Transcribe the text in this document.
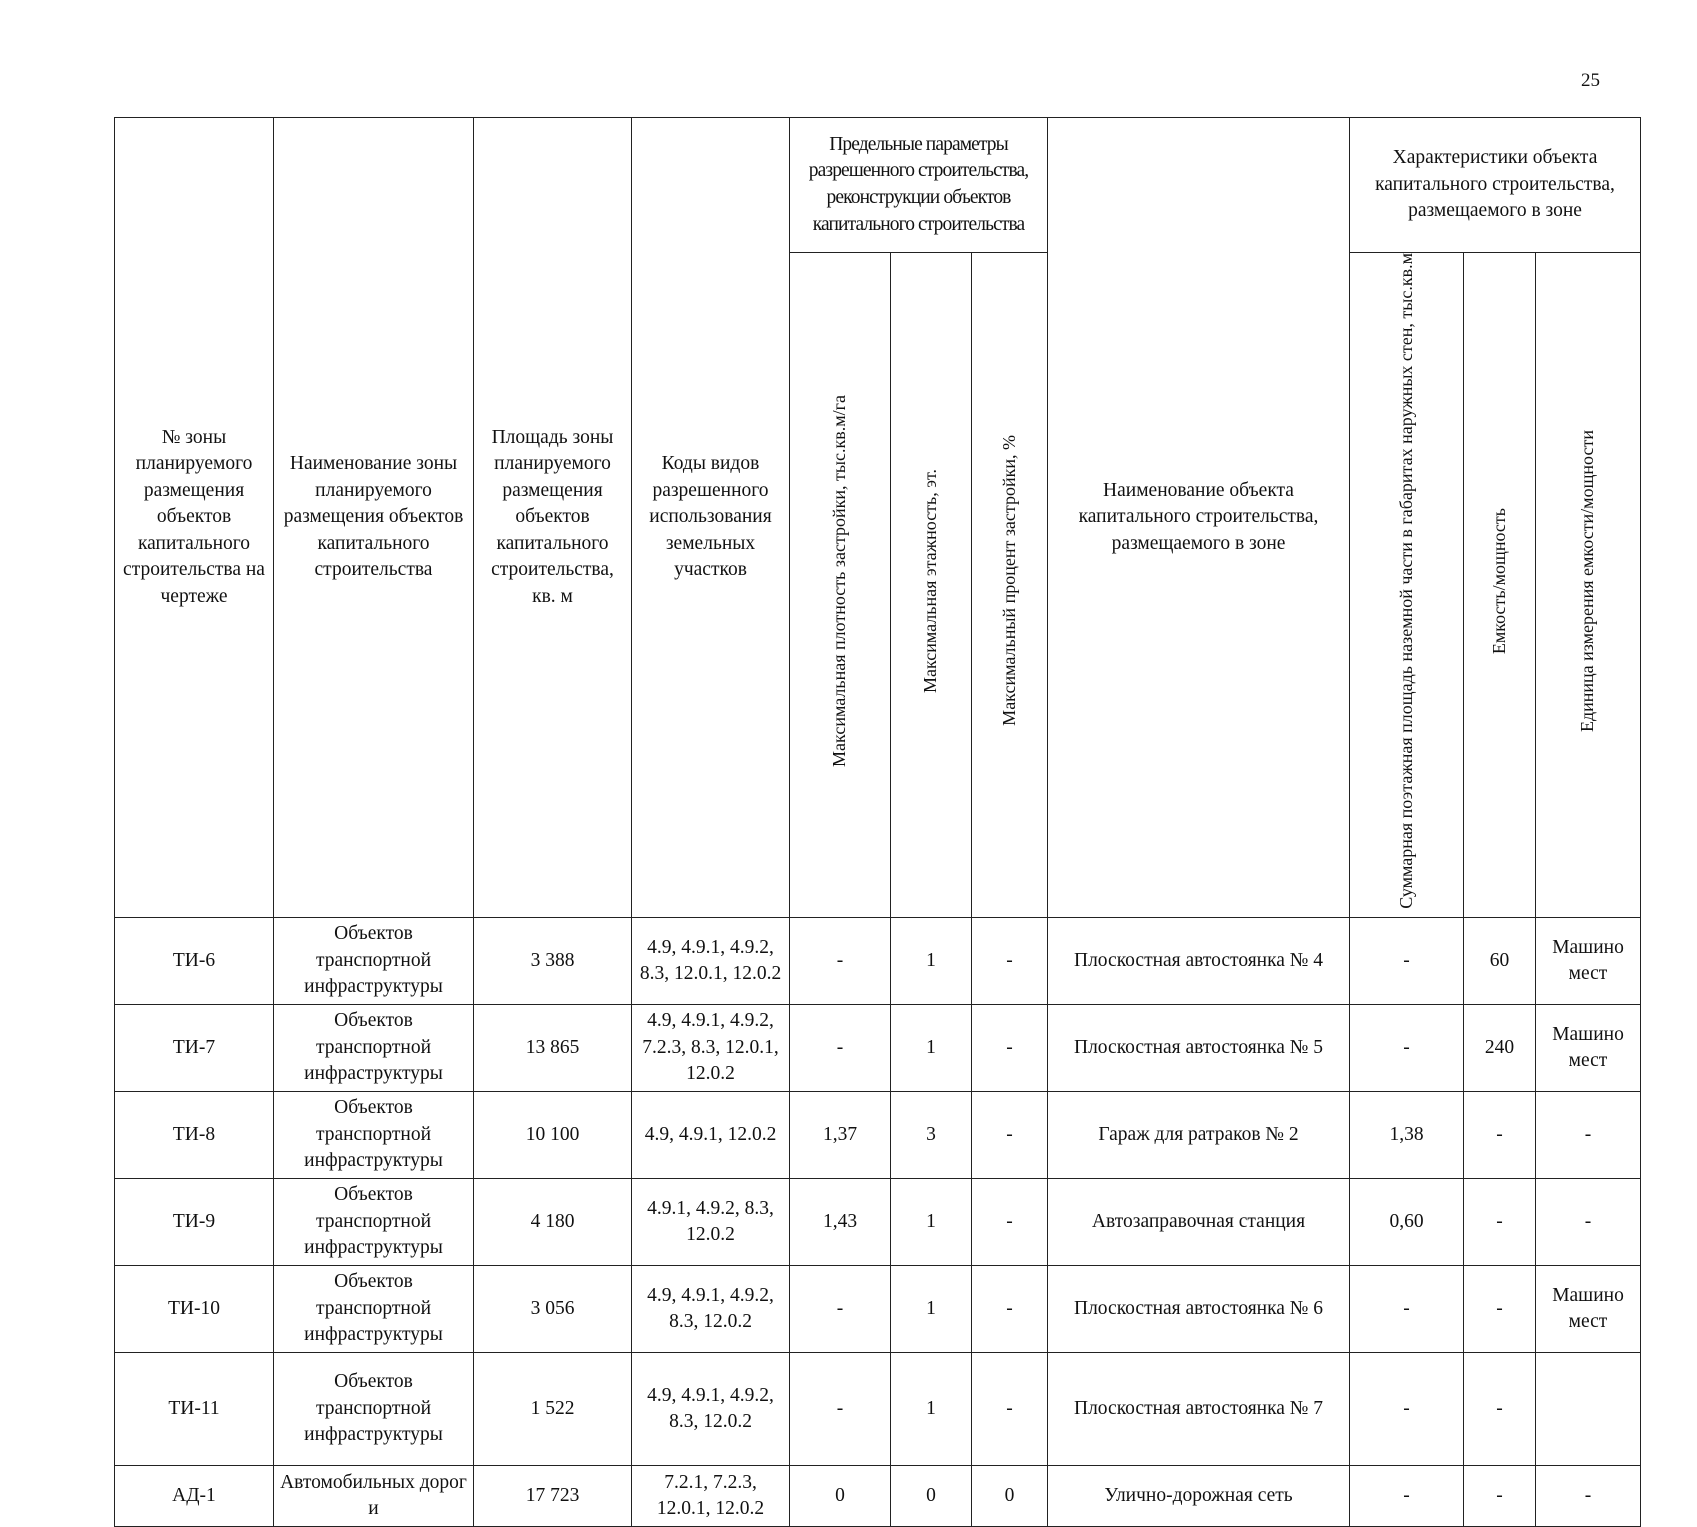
25
№ зоны планируемого размещения объектов капитального строительства на чертеже	Наименование зоны планируемого размещения объектов капитального строительства	Площадь зоны планируемого размещения объектов капитального строительства, кв. м	Коды видов разрешенного использования земельных участков	Предельные параметры разрешенного строительства, реконструкции объектов капитального строительства			Наименование объекта капитального строительства, размещаемого в зоне	Характеристики объекта капитального строительства, размещаемого в зоне		
				Максимальная плотность застройки, тыс.кв.м/га	Максимальная этажность, эт.	Максимальный процент застройки, %		Суммарная поэтажная площадь наземной части в габаритах наружных стен, тыс.кв.м	Емкость/мощность	Единица измерения емкости/мощности
ТИ-6	Объектов транспортной инфраструктуры	3 388	4.9, 4.9.1, 4.9.2, 8.3, 12.0.1, 12.0.2	-	1	-	Плоскостная автостоянка № 4	-	60	Машино мест
ТИ-7	Объектов транспортной инфраструктуры	13 865	4.9, 4.9.1, 4.9.2, 7.2.3, 8.3, 12.0.1, 12.0.2	-	1	-	Плоскостная автостоянка № 5	-	240	Машино мест
ТИ-8	Объектов транспортной инфраструктуры	10 100	4.9, 4.9.1, 12.0.2	1,37	3	-	Гараж для ратраков № 2	1,38	-	-
ТИ-9	Объектов транспортной инфраструктуры	4 180	4.9.1, 4.9.2, 8.3, 12.0.2	1,43	1	-	Автозаправочная станция	0,60	-	-
ТИ-10	Объектов транспортной инфраструктуры	3 056	4.9, 4.9.1, 4.9.2, 8.3, 12.0.2	-	1	-	Плоскостная автостоянка № 6	-	-	Машино мест
ТИ-11	Объектов транспортной инфраструктуры	1 522	4.9, 4.9.1, 4.9.2, 8.3, 12.0.2	-	1	-	Плоскостная автостоянка № 7	-	-	
АД-1	Автомобильных дорог и	17 723	7.2.1, 7.2.3, 12.0.1, 12.0.2	0	0	0	Улично-дорожная сеть	-	-	-
